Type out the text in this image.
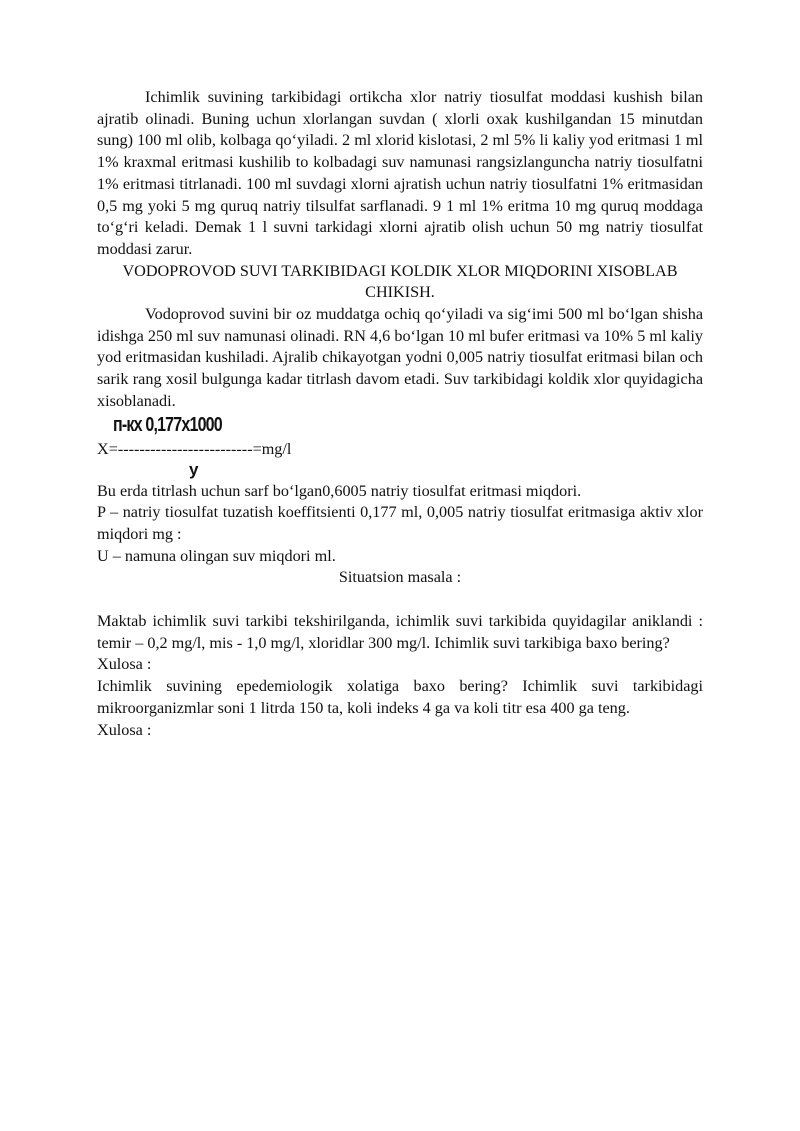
Ichimlik suvining tarkibidagi ortikcha xlor natriy tiosulfat moddasi kushish bilan ajratib olinadi. Buning uchun xlorlangan suvdan ( xlorli oxak kushilgandan 15 minutdan sung) 100 ml olib, kolbaga qo‘yiladi. 2 ml xlorid kislotasi, 2 ml 5% li kaliy yod eritmasi 1 ml 1% kraxmal eritmasi kushilib to kolbadagi suv namunasi rangsizlanguncha natriy tiosulfatni 1% eritmasi titrlanadi. 100 ml suvdagi xlorni ajratish uchun natriy tiosulfatni 1% eritmasidan 0,5 mg yoki 5 mg quruq natriy tilsulfat sarflanadi. 9 1 ml 1% eritma 10 mg quruq moddaga to‘g‘ri keladi. Demak 1 l suvni tarkidagi xlorni ajratib olish uchun 50 mg natriy tiosulfat moddasi zarur.

VODOPROVOD SUVI TARKIBIDAGI KOLDIK XLOR MIQDORINI XISOBLAB CHIKISH.

Vodoprovod suvini bir oz muddatga ochiq qo‘yiladi va sig‘imi 500 ml bo‘lgan shisha idishga 250 ml suv namunasi olinadi. RN 4,6 bo‘lgan 10 ml bufer eritmasi va 10% 5 ml kaliy yod eritmasidan kushiladi. Ajralib chikayotgan yodni 0,005 natriy tiosulfat eritmasi bilan och sarik rang xosil bulgunga kadar titrlash davom etadi. Suv tarkibidagi koldik xlor quyidagicha xisoblanadi.

п-кх 0,177х1000
X=-------------------------=mg/l
у

Bu erda titrlash uchun sarf bo‘lgan0,6005 natriy tiosulfat eritmasi miqdori.

P – natriy tiosulfat tuzatish koeffitsienti 0,177 ml, 0,005 natriy tiosulfat eritmasiga aktiv xlor miqdori mg :

U – namuna olingan suv miqdori ml.

Situatsion masala :

Maktab ichimlik suvi tarkibi tekshirilganda, ichimlik suvi tarkibida quyidagilar aniklandi : temir – 0,2 mg/l, mis - 1,0 mg/l, xloridlar 300 mg/l. Ichimlik suvi tarkibiga baxo bering?

Xulosa :

Ichimlik suvining epedemiologik xolatiga baxo bering? Ichimlik suvi tarkibidagi mikroorganizmlar soni 1 litrda 150 ta, koli indeks 4 ga va koli titr esa 400 ga teng.

Xulosa :
